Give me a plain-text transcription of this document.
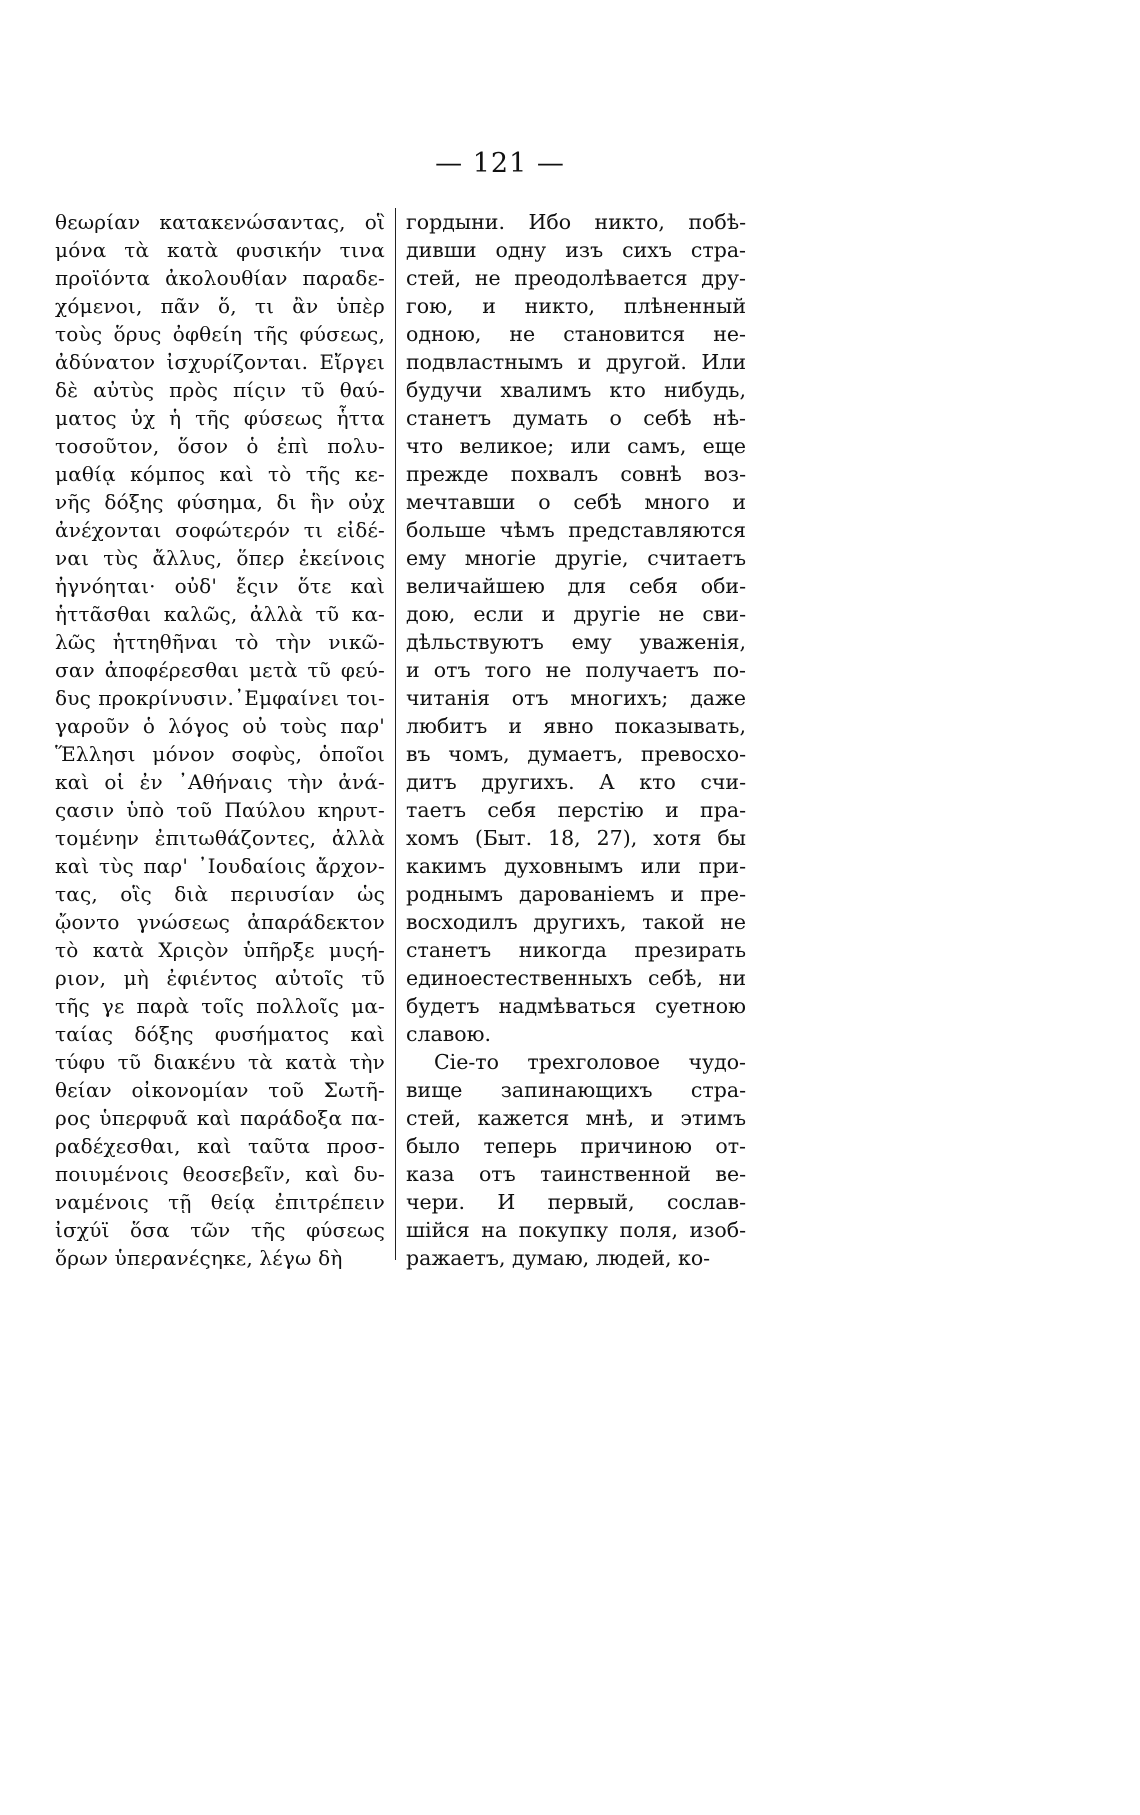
— 121 —
θεωρίαν κατακενώσαντας, οἳ
μόνα τὰ κατὰ φυσικήν τινα
προϊόντα ἀκολουθίαν παραδε-
χόμενοι, πᾶν ὅ, τι ἂν ὑπὲρ
τοὺς ὅρυς ὀφθείη τῆς φύσεως,
ἀδύνατον ἰσχυρίζονται. Εἴργει
δὲ αὐτὺς πρὸς πίςιν τῦ θαύ-
ματος ὐχ ἡ τῆς φύσεως ἧττα
τοσοῦτον, ὅσον ὁ ἐπὶ πολυ-
μαθίᾳ κόμπος καὶ τὸ τῆς κε-
νῆς δόξης φύσημα, δι ἣν οὐχ
ἀνέχονται σοφώτερόν τι εἰδέ-
ναι τὺς ἄλλυς, ὅπερ ἐκείνοις
ἠγνόηται· οὐδ' ἔςιν ὅτε καὶ
ἡττᾶσθαι καλῶς, ἀλλὰ τῦ κα-
λῶς ἡττηθῆναι τὸ τὴν νικῶ-
σαν ἀποφέρεσθαι μετὰ τῦ φεύ-
δυς προκρίνυσιν.᾿Εμφαίνει τοι-
γαροῦν ὁ λόγος οὐ τοὺς παρ'
Ἕλλησι μόνον σοφὺς, ὁποῖοι
καὶ οἱ ἐν ᾿Αθήναις τὴν ἀνά-
ςασιν ὑπὸ τοῦ Παύλου κηρυτ-
τομένην ἐπιτωθάζοντες, ἀλλὰ
καὶ τὺς παρ' ᾿Ιουδαίοις ἄρχον-
τας, οἳς διὰ περιυσίαν ὡς
ᾤοντο γνώσεως ἀπαράδεκτον
τὸ κατὰ Χριςὸν ὑπῆρξε μυςή-
ριον, μὴ ἐφιέντος αὐτοῖς τῦ
τῆς γε παρὰ τοῖς πολλοῖς μα-
ταίας δόξης φυσήματος καὶ
τύφυ τῦ διακένυ τὰ κατὰ τὴν
θείαν οἰκονομίαν τοῦ Σωτῆ-
ρος ὑπερφυᾶ καὶ παράδοξα πα-
ραδέχεσθαι, καὶ ταῦτα προσ-
ποιυμένοις θεοσεβεῖν, καὶ δυ-
ναμένοις τῇ θείᾳ ἐπιτρέπειν
ἰσχύϊ ὅσα τῶν τῆς φύσεως
ὅρων ὑπερανέςηκε, λέγω δὴ
гордыни. Ибо никто, побѣ-
дивши одну изъ сихъ стра-
стей, не преодолѣвается дру-
гою, и никто, плѣненный
одною, не становится не-
подвластнымъ и другой. Или
будучи хвалимъ кто нибудь,
станетъ думать о себѣ нѣ-
что великое; или самъ, еще
прежде похвалъ совнѣ воз-
мечтавши о себѣ много и
больше чѣмъ представляются
ему многіе другіе, считаетъ
величайшею для себя оби-
дою, если и другіе не сви-
дѣльствуютъ ему уваженія,
и отъ того не получаетъ по-
читанія отъ многихъ; даже
любитъ и явно показывать,
въ чомъ, думаетъ, превосхо-
дитъ другихъ. А кто счи-
таетъ себя перстію и пра-
хомъ (Быт. 18, 27), хотя бы
какимъ духовнымъ или при-
роднымъ дарованіемъ и пре-
восходилъ другихъ, такой не
станетъ никогда презирать
единоестественныхъ себѣ, ни
будетъ надмѣваться суетною
славою.
Сіе-то трехголовое чудо-
вище запинающихъ стра-
стей, кажется мнѣ, и этимъ
было теперь причиною от-
каза отъ таинственной ве-
чери. И первый, сослав-
шійся на покупку поля, изоб-
ражаетъ, думаю, людей, ко-
